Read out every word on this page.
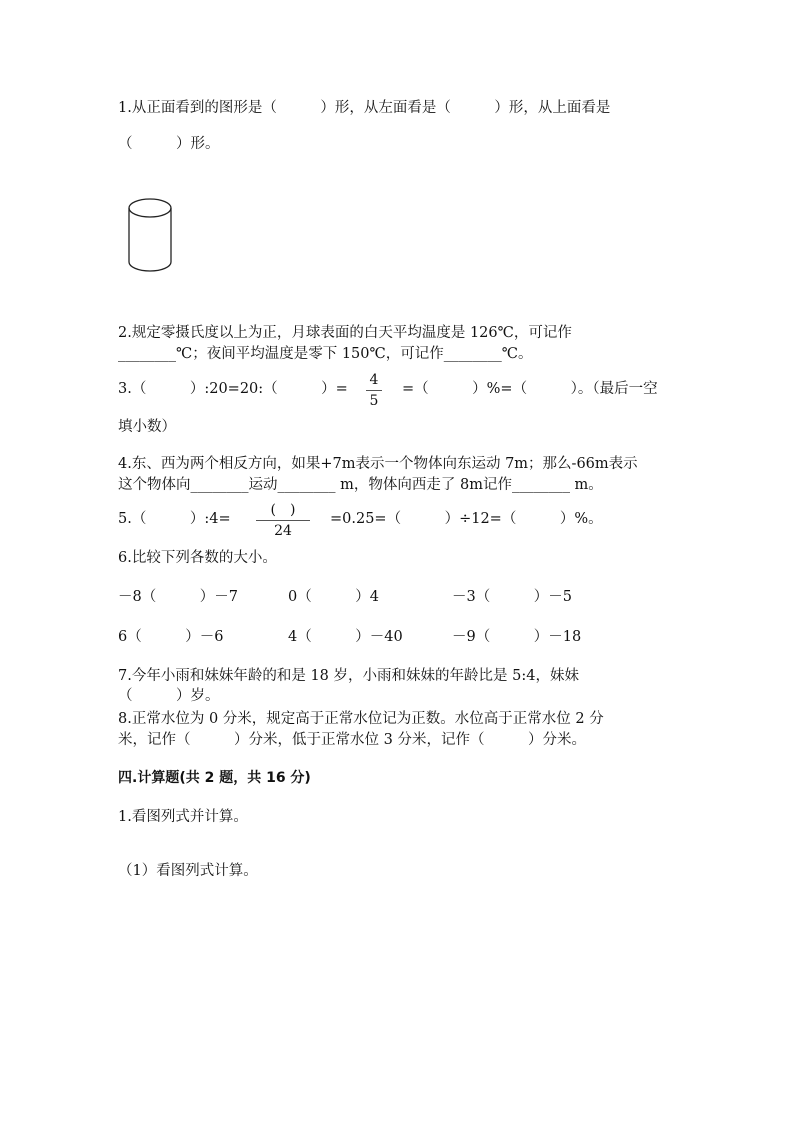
1.从正面看到的图形是（　　　）形，从左面看是（　　　）形，从上面看是
（　　　）形。
2.规定零摄氏度以上为正，月球表面的白天平均温度是 126℃，可记作
________℃；夜间平均温度是零下 150℃，可记作________℃。
3.（　　　）:20=20:（　　　）=
4
5
=（　　　）%=（　　　）。（最后一空
填小数）
4.东、西为两个相反方向，如果+7m表示一个物体向东运动 7m；那么-66m表示
这个物体向________运动________ m，物体向西走了 8m记作________ m。
5.（　　　）:4=
(　)
24
=0.25=（　　　）÷12=（　　　）%。
6.比较下列各数的大小。
－8（　　　）－7	0（　　　）4	－3（　　　）－5
6（　　　）－6	4（　　　）－40	－9（　　　）－18
7.今年小雨和妹妹年龄的和是 18 岁，小雨和妹妹的年龄比是 5:4，妹妹
（　　　）岁。
8.正常水位为 0 分米，规定高于正常水位记为正数。水位高于正常水位 2 分
米，记作（　　　）分米，低于正常水位 3 分米，记作（　　　）分米。
四.计算题(共 2 题，共 16 分)
1.看图列式并计算。
（1）看图列式计算。
